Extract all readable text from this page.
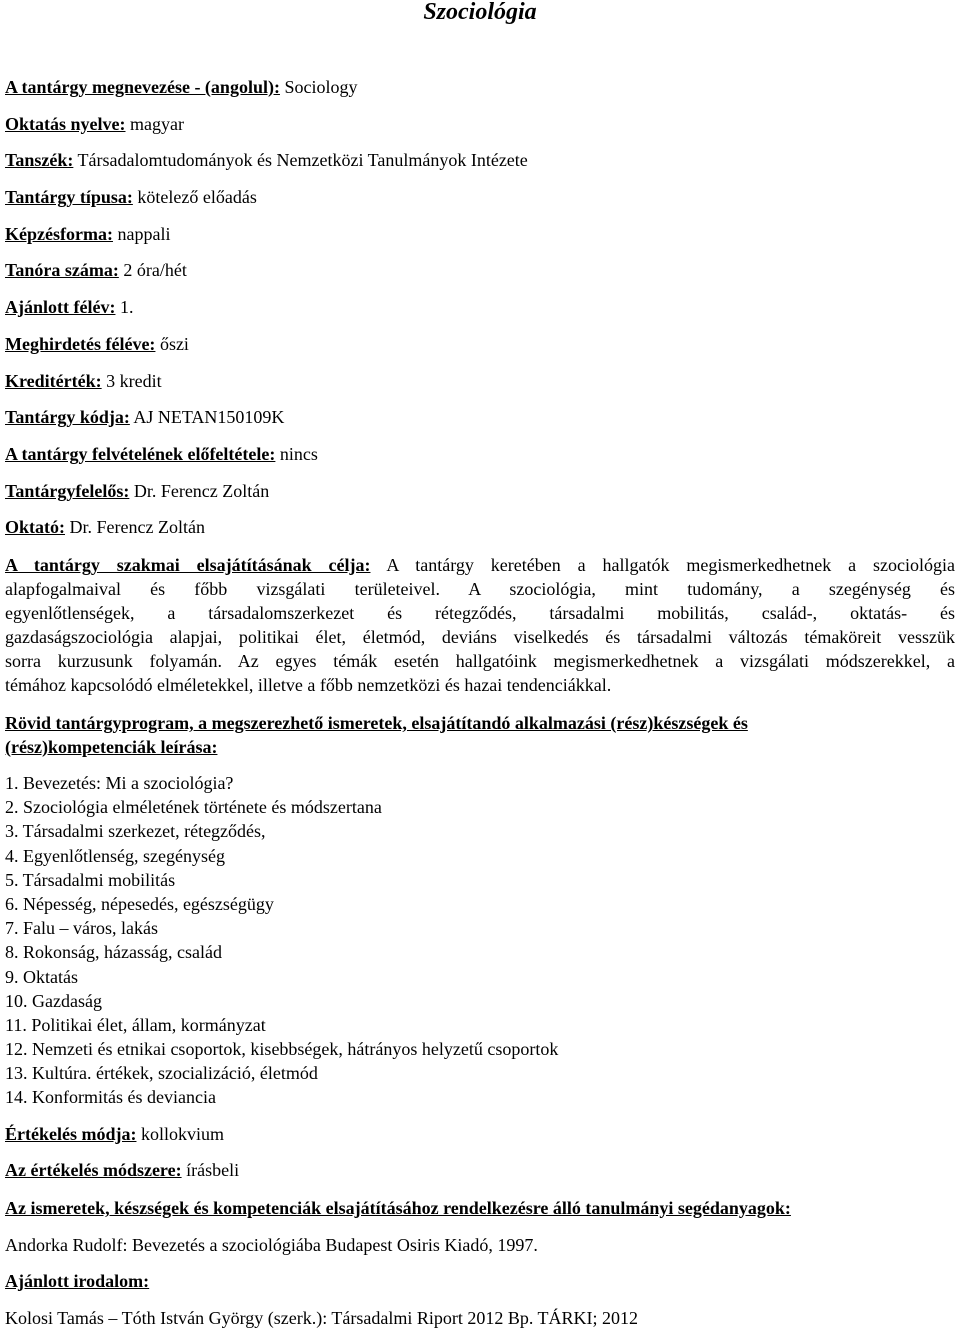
Szociológia
A tantárgy megnevezése - (angolul): Sociology
Oktatás nyelve: magyar
Tanszék: Társadalomtudományok és Nemzetközi Tanulmányok Intézete
Tantárgy típusa: kötelező előadás
Képzésforma: nappali
Tanóra száma: 2 óra/hét
Ajánlott félév: 1.
Meghirdetés féléve: őszi
Kreditérték: 3 kredit
Tantárgy kódja: AJ NETAN150109K
A tantárgy felvételének előfeltétele: nincs
Tantárgyfelelős: Dr. Ferencz Zoltán
Oktató: Dr. Ferencz Zoltán
A tantárgy szakmai elsajátításának célja: A tantárgy keretében a hallgatók megismerkedhetnek a szociológia
alapfogalmaival és főbb vizsgálati területeivel. A szociológia, mint tudomány, a szegénység és
egyenlőtlenségek, a társadalomszerkezet és rétegződés, társadalmi mobilitás, család-, oktatás- és
gazdaságszociológia alapjai, politikai élet, életmód, deviáns viselkedés és társadalmi változás témaköreit vesszük
sorra kurzusunk folyamán. Az egyes témák esetén hallgatóink megismerkedhetnek a vizsgálati módszerekkel, a
témához kapcsolódó elméletekkel, illetve a főbb nemzetközi és hazai tendenciákkal.
Rövid tantárgyprogram, a megszerezhető ismeretek, elsajátítandó alkalmazási (rész)készségek és
(rész)kompetenciák leírása:
1. Bevezetés: Mi a szociológia?
2. Szociológia elméletének története és módszertana
3. Társadalmi szerkezet, rétegződés,
4. Egyenlőtlenség, szegénység
5. Társadalmi mobilitás
6. Népesség, népesedés, egészségügy
7. Falu – város, lakás
8. Rokonság, házasság, család
9. Oktatás
10. Gazdaság
11. Politikai élet, állam, kormányzat
12. Nemzeti és etnikai csoportok, kisebbségek, hátrányos helyzetű csoportok
13. Kultúra. értékek, szocializáció, életmód
14. Konformitás és deviancia
Értékelés módja: kollokvium
Az értékelés módszere: írásbeli
Az ismeretek, készségek és kompetenciák elsajátításához rendelkezésre álló tanulmányi segédanyagok:
Andorka Rudolf: Bevezetés a szociológiába Budapest Osiris Kiadó, 1997.
Ajánlott irodalom:
Kolosi Tamás – Tóth István György (szerk.): Társadalmi Riport 2012 Bp. TÁRKI; 2012
